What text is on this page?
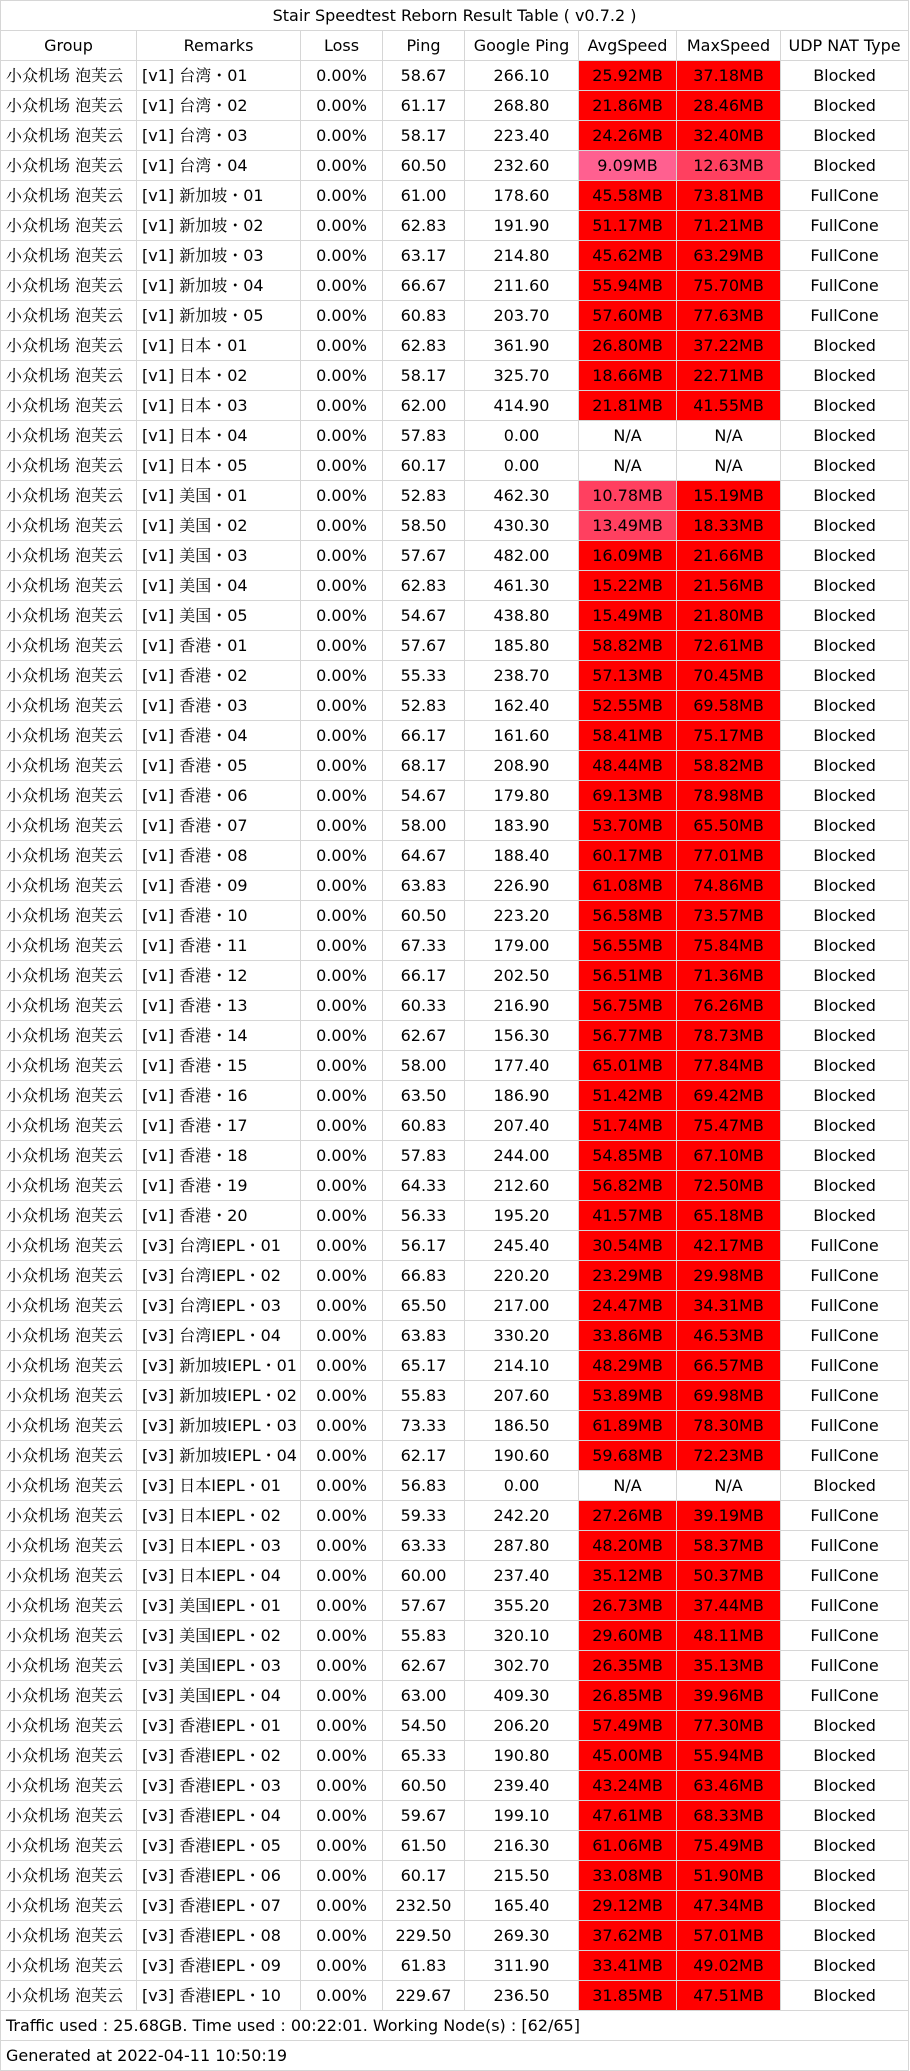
Stair Speedtest Reborn Result Table ( v0.7.2 )							
Group	Remarks	Loss	Ping	Google Ping	AvgSpeed	MaxSpeed	UDP NAT Type
小众机场 泡芙云	[v1] 台湾・01	0.00%	58.67	266.10	25.92MB	37.18MB	Blocked
小众机场 泡芙云	[v1] 台湾・02	0.00%	61.17	268.80	21.86MB	28.46MB	Blocked
小众机场 泡芙云	[v1] 台湾・03	0.00%	58.17	223.40	24.26MB	32.40MB	Blocked
小众机场 泡芙云	[v1] 台湾・04	0.00%	60.50	232.60	9.09MB	12.63MB	Blocked
小众机场 泡芙云	[v1] 新加坡・01	0.00%	61.00	178.60	45.58MB	73.81MB	FullCone
小众机场 泡芙云	[v1] 新加坡・02	0.00%	62.83	191.90	51.17MB	71.21MB	FullCone
小众机场 泡芙云	[v1] 新加坡・03	0.00%	63.17	214.80	45.62MB	63.29MB	FullCone
小众机场 泡芙云	[v1] 新加坡・04	0.00%	66.67	211.60	55.94MB	75.70MB	FullCone
小众机场 泡芙云	[v1] 新加坡・05	0.00%	60.83	203.70	57.60MB	77.63MB	FullCone
小众机场 泡芙云	[v1] 日本・01	0.00%	62.83	361.90	26.80MB	37.22MB	Blocked
小众机场 泡芙云	[v1] 日本・02	0.00%	58.17	325.70	18.66MB	22.71MB	Blocked
小众机场 泡芙云	[v1] 日本・03	0.00%	62.00	414.90	21.81MB	41.55MB	Blocked
小众机场 泡芙云	[v1] 日本・04	0.00%	57.83	0.00	N/A	N/A	Blocked
小众机场 泡芙云	[v1] 日本・05	0.00%	60.17	0.00	N/A	N/A	Blocked
小众机场 泡芙云	[v1] 美国・01	0.00%	52.83	462.30	10.78MB	15.19MB	Blocked
小众机场 泡芙云	[v1] 美国・02	0.00%	58.50	430.30	13.49MB	18.33MB	Blocked
小众机场 泡芙云	[v1] 美国・03	0.00%	57.67	482.00	16.09MB	21.66MB	Blocked
小众机场 泡芙云	[v1] 美国・04	0.00%	62.83	461.30	15.22MB	21.56MB	Blocked
小众机场 泡芙云	[v1] 美国・05	0.00%	54.67	438.80	15.49MB	21.80MB	Blocked
小众机场 泡芙云	[v1] 香港・01	0.00%	57.67	185.80	58.82MB	72.61MB	Blocked
小众机场 泡芙云	[v1] 香港・02	0.00%	55.33	238.70	57.13MB	70.45MB	Blocked
小众机场 泡芙云	[v1] 香港・03	0.00%	52.83	162.40	52.55MB	69.58MB	Blocked
小众机场 泡芙云	[v1] 香港・04	0.00%	66.17	161.60	58.41MB	75.17MB	Blocked
小众机场 泡芙云	[v1] 香港・05	0.00%	68.17	208.90	48.44MB	58.82MB	Blocked
小众机场 泡芙云	[v1] 香港・06	0.00%	54.67	179.80	69.13MB	78.98MB	Blocked
小众机场 泡芙云	[v1] 香港・07	0.00%	58.00	183.90	53.70MB	65.50MB	Blocked
小众机场 泡芙云	[v1] 香港・08	0.00%	64.67	188.40	60.17MB	77.01MB	Blocked
小众机场 泡芙云	[v1] 香港・09	0.00%	63.83	226.90	61.08MB	74.86MB	Blocked
小众机场 泡芙云	[v1] 香港・10	0.00%	60.50	223.20	56.58MB	73.57MB	Blocked
小众机场 泡芙云	[v1] 香港・11	0.00%	67.33	179.00	56.55MB	75.84MB	Blocked
小众机场 泡芙云	[v1] 香港・12	0.00%	66.17	202.50	56.51MB	71.36MB	Blocked
小众机场 泡芙云	[v1] 香港・13	0.00%	60.33	216.90	56.75MB	76.26MB	Blocked
小众机场 泡芙云	[v1] 香港・14	0.00%	62.67	156.30	56.77MB	78.73MB	Blocked
小众机场 泡芙云	[v1] 香港・15	0.00%	58.00	177.40	65.01MB	77.84MB	Blocked
小众机场 泡芙云	[v1] 香港・16	0.00%	63.50	186.90	51.42MB	69.42MB	Blocked
小众机场 泡芙云	[v1] 香港・17	0.00%	60.83	207.40	51.74MB	75.47MB	Blocked
小众机场 泡芙云	[v1] 香港・18	0.00%	57.83	244.00	54.85MB	67.10MB	Blocked
小众机场 泡芙云	[v1] 香港・19	0.00%	64.33	212.60	56.82MB	72.50MB	Blocked
小众机场 泡芙云	[v1] 香港・20	0.00%	56.33	195.20	41.57MB	65.18MB	Blocked
小众机场 泡芙云	[v3] 台湾IEPL・01	0.00%	56.17	245.40	30.54MB	42.17MB	FullCone
小众机场 泡芙云	[v3] 台湾IEPL・02	0.00%	66.83	220.20	23.29MB	29.98MB	FullCone
小众机场 泡芙云	[v3] 台湾IEPL・03	0.00%	65.50	217.00	24.47MB	34.31MB	FullCone
小众机场 泡芙云	[v3] 台湾IEPL・04	0.00%	63.83	330.20	33.86MB	46.53MB	FullCone
小众机场 泡芙云	[v3] 新加坡IEPL・01	0.00%	65.17	214.10	48.29MB	66.57MB	FullCone
小众机场 泡芙云	[v3] 新加坡IEPL・02	0.00%	55.83	207.60	53.89MB	69.98MB	FullCone
小众机场 泡芙云	[v3] 新加坡IEPL・03	0.00%	73.33	186.50	61.89MB	78.30MB	FullCone
小众机场 泡芙云	[v3] 新加坡IEPL・04	0.00%	62.17	190.60	59.68MB	72.23MB	FullCone
小众机场 泡芙云	[v3] 日本IEPL・01	0.00%	56.83	0.00	N/A	N/A	Blocked
小众机场 泡芙云	[v3] 日本IEPL・02	0.00%	59.33	242.20	27.26MB	39.19MB	FullCone
小众机场 泡芙云	[v3] 日本IEPL・03	0.00%	63.33	287.80	48.20MB	58.37MB	FullCone
小众机场 泡芙云	[v3] 日本IEPL・04	0.00%	60.00	237.40	35.12MB	50.37MB	FullCone
小众机场 泡芙云	[v3] 美国IEPL・01	0.00%	57.67	355.20	26.73MB	37.44MB	FullCone
小众机场 泡芙云	[v3] 美国IEPL・02	0.00%	55.83	320.10	29.60MB	48.11MB	FullCone
小众机场 泡芙云	[v3] 美国IEPL・03	0.00%	62.67	302.70	26.35MB	35.13MB	FullCone
小众机场 泡芙云	[v3] 美国IEPL・04	0.00%	63.00	409.30	26.85MB	39.96MB	FullCone
小众机场 泡芙云	[v3] 香港IEPL・01	0.00%	54.50	206.20	57.49MB	77.30MB	Blocked
小众机场 泡芙云	[v3] 香港IEPL・02	0.00%	65.33	190.80	45.00MB	55.94MB	Blocked
小众机场 泡芙云	[v3] 香港IEPL・03	0.00%	60.50	239.40	43.24MB	63.46MB	Blocked
小众机场 泡芙云	[v3] 香港IEPL・04	0.00%	59.67	199.10	47.61MB	68.33MB	Blocked
小众机场 泡芙云	[v3] 香港IEPL・05	0.00%	61.50	216.30	61.06MB	75.49MB	Blocked
小众机场 泡芙云	[v3] 香港IEPL・06	0.00%	60.17	215.50	33.08MB	51.90MB	Blocked
小众机场 泡芙云	[v3] 香港IEPL・07	0.00%	232.50	165.40	29.12MB	47.34MB	Blocked
小众机场 泡芙云	[v3] 香港IEPL・08	0.00%	229.50	269.30	37.62MB	57.01MB	Blocked
小众机场 泡芙云	[v3] 香港IEPL・09	0.00%	61.83	311.90	33.41MB	49.02MB	Blocked
小众机场 泡芙云	[v3] 香港IEPL・10	0.00%	229.67	236.50	31.85MB	47.51MB	Blocked
Traffic used : 25.68GB. Time used : 00:22:01. Working Node(s) : [62/65]							
Generated at 2022-04-11 10:50:19							
